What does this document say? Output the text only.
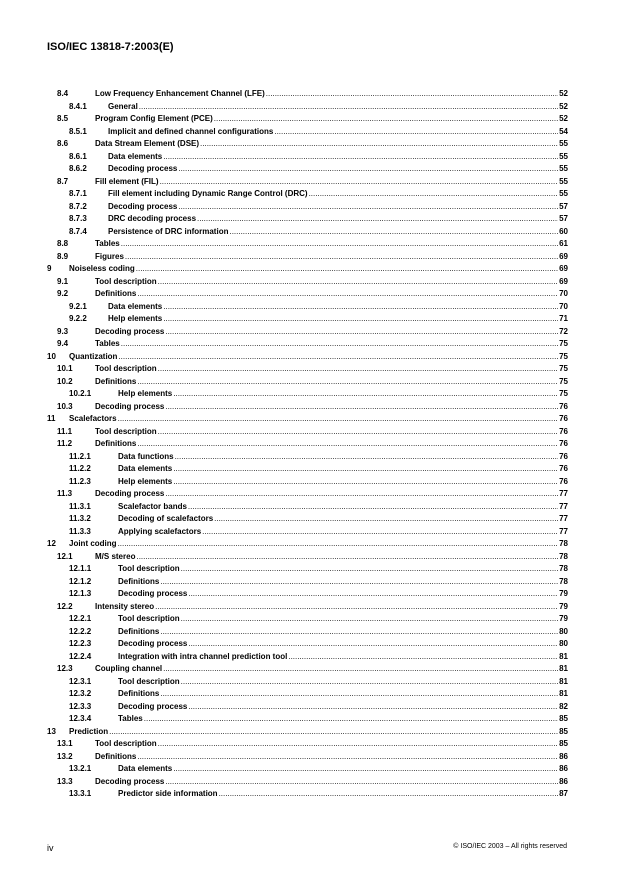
ISO/IEC 13818-7:2003(E)
8.4	Low Frequency Enhancement Channel (LFE) .....	52
8.4.1	General .....	52
8.5	Program Config Element (PCE) .....	52
8.5.1	Implicit and defined channel configurations .....	54
8.6	Data Stream Element (DSE) .....	55
8.6.1	Data elements .....	55
8.6.2	Decoding process .....	55
8.7	Fill element (FIL) .....	55
8.7.1	Fill element including Dynamic Range Control (DRC) .....	55
8.7.2	Decoding process .....	57
8.7.3	DRC decoding process .....	57
8.7.4	Persistence of DRC information .....	60
8.8	Tables .....	61
8.9	Figures .....	69
9 Noiseless coding .....	69
9.1	Tool description .....	69
9.2	Definitions .....	70
9.2.1	Data elements .....	70
9.2.2	Help elements .....	71
9.3	Decoding process .....	72
9.4	Tables .....	75
10 Quantization .....	75
10.1	Tool description .....	75
10.2	Definitions .....	75
10.2.1	Help elements .....	75
10.3	Decoding process .....	76
11 Scalefactors .....	76
11.1	Tool description .....	76
11.2	Definitions .....	76
11.2.1	Data functions .....	76
11.2.2	Data elements .....	76
11.2.3	Help elements .....	76
11.3	Decoding process .....	77
11.3.1	Scalefactor bands .....	77
11.3.2	Decoding of scalefactors .....	77
11.3.3	Applying scalefactors .....	77
12 Joint coding .....	78
12.1	M/S stereo .....	78
12.1.1	Tool description .....	78
12.1.2	Definitions .....	78
12.1.3	Decoding process .....	79
12.2	Intensity stereo .....	79
12.2.1	Tool description .....	79
12.2.2	Definitions .....	80
12.2.3	Decoding process .....	80
12.2.4	Integration with intra channel prediction tool .....	81
12.3	Coupling channel .....	81
12.3.1	Tool description .....	81
12.3.2	Definitions .....	81
12.3.3	Decoding process .....	82
12.3.4	Tables .....	85
13 Prediction .....	85
13.1	Tool description .....	85
13.2	Definitions .....	86
13.2.1	Data elements .....	86
13.3	Decoding process .....	86
13.3.1	Predictor side information .....	87
iv	© ISO/IEC 2003 – All rights reserved
